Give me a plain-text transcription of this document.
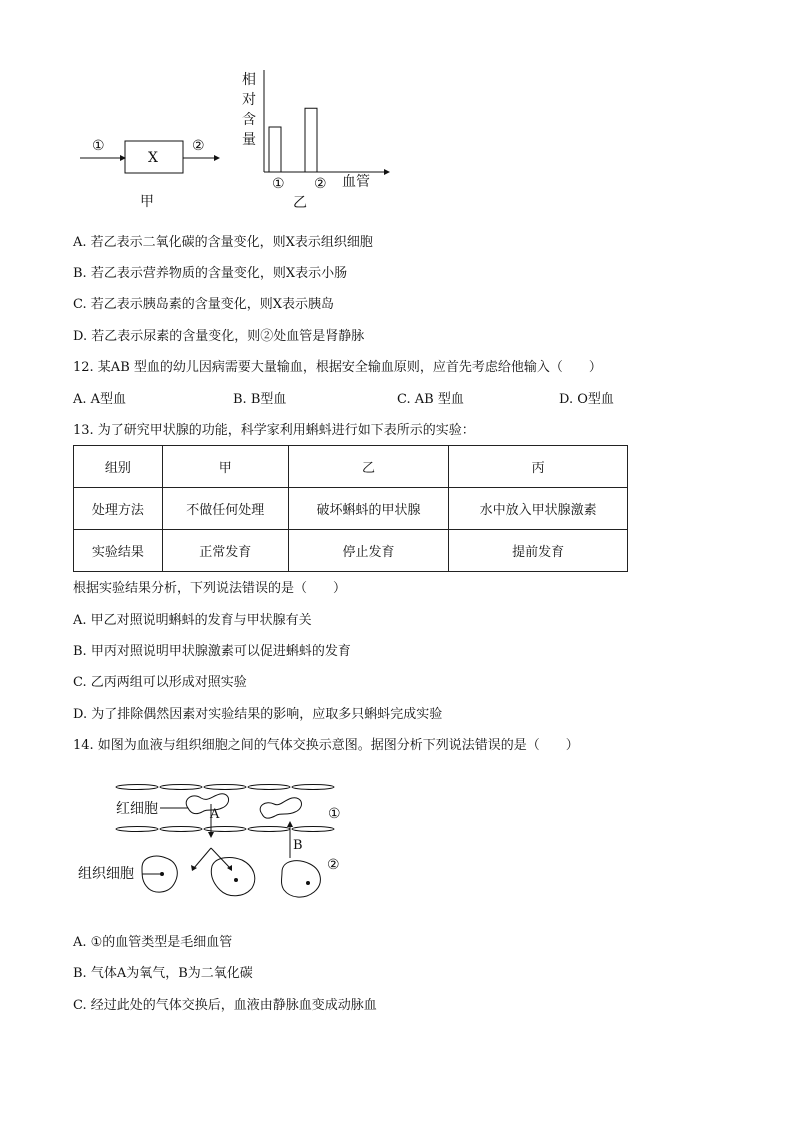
①
X
②
甲
相
对
含
量
① ② 血管
乙
A. 若乙表示二氧化碳的含量变化，则X表示组织细胞
B. 若乙表示营养物质的含量变化，则X表示小肠
C. 若乙表示胰岛素的含量变化，则X表示胰岛
D. 若乙表示尿素的含量变化，则②处血管是肾静脉
12. 某AB 型血的幼儿因病需要大量输血，根据安全输血原则，应首先考虑给他输入（　　）
A. A型血	B. B型血	C. AB 型血	D. O型血
13. 为了研究甲状腺的功能，科学家利用蝌蚪进行如下表所示的实验：
组别	甲	乙	丙
处理方法	不做任何处理	破坏蝌蚪的甲状腺	水中放入甲状腺激素
实验结果	正常发育	停止发育	提前发育
根据实验结果分析，下列说法错误的是（　　）
A. 甲乙对照说明蝌蚪的发育与甲状腺有关
B. 甲丙对照说明甲状腺激素可以促进蝌蚪的发育
C. 乙丙两组可以形成对照实验
D. 为了排除偶然因素对实验结果的影响，应取多只蝌蚪完成实验
14. 如图为血液与组织细胞之间的气体交换示意图。据图分析下列说法错误的是（　　）
红细胞	A
B
①
②
组织细胞
A. ①的血管类型是毛细血管
B. 气体A为氧气，B为二氧化碳
C. 经过此处的气体交换后，血液由静脉血变成动脉血
